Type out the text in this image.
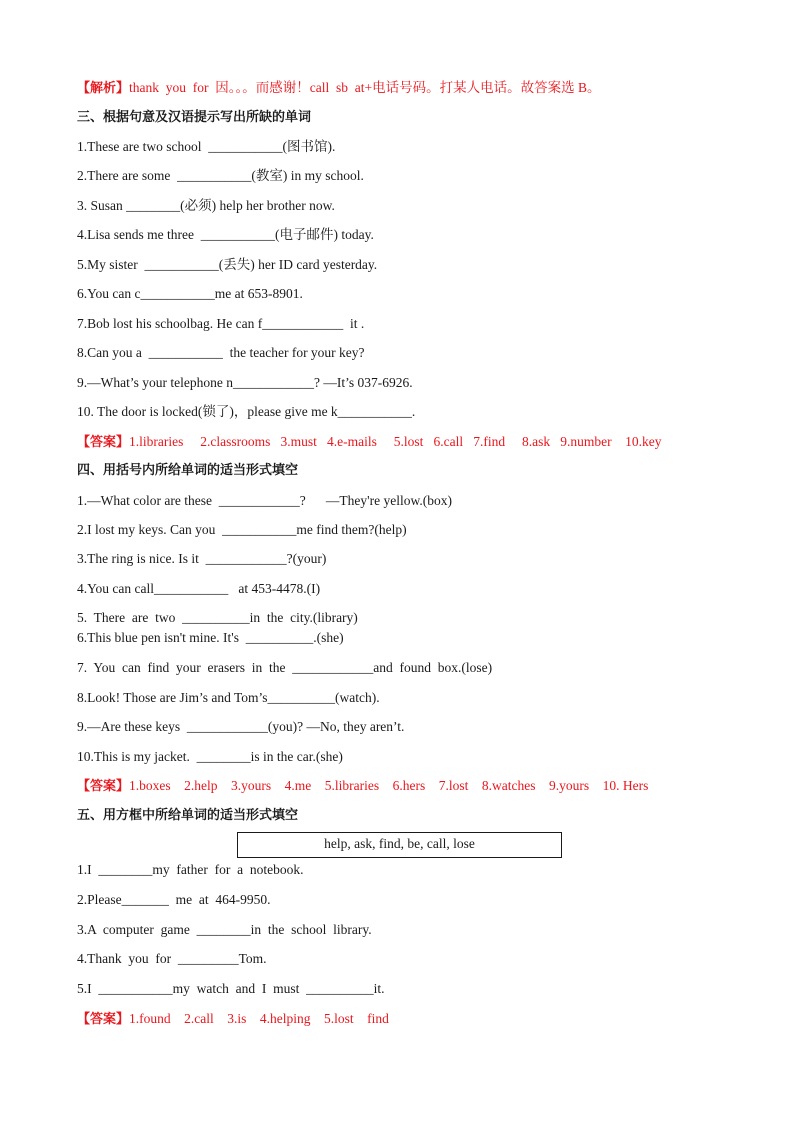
【解析】thank  you  for  因。。。而感谢！call  sb  at+电话号码。打某人电话。故答案选 B。
三、根据句意及汉语提示写出所缺的单词
1.These are two school  ___________(图书馆).
2.There are some  ___________(教室) in my school.
3. Susan ________(必须) help her brother now.
4.Lisa sends me three  ___________(电子邮件) today.
5.My sister  ___________(丢失) her ID card yesterday.
6.You can c___________me at 653-8901.
7.Bob lost his schoolbag. He can f____________  it .
8.Can you a  ___________  the teacher for your key?
9.—What’s your telephone n____________? —It’s 037-6926.
10. The door is locked(锁了)，please give me k___________.
【答案】1.libraries     2.classrooms   3.must   4.e-mails     5.lost   6.call   7.find     8.ask   9.number    10.key
四、用括号内所给单词的适当形式填空
1.—What color are these  ____________?      —They're yellow.(box)
2.I lost my keys. Can you  ___________me find them?(help)
3.The ring is nice. Is it  ____________?(your)
4.You can call___________   at 453-4478.(I)
5.  There  are  two  __________in  the  city.(library)
6.This blue pen isn't mine. It's  __________.(she)
7.  You  can  find  your  erasers  in  the  ____________and  found  box.(lose)
8.Look! Those are Jim’s and Tom’s__________(watch).
9.—Are these keys  ____________(you)? —No, they aren’t.
10.This is my jacket.  ________is in the car.(she)
【答案】1.boxes    2.help    3.yours    4.me    5.libraries    6.hers    7.lost    8.watches    9.yours    10. Hers
五、用方框中所给单词的适当形式填空
help, ask, find, be, call, lose
1.I  ________my  father  for  a  notebook.
2.Please_______  me  at  464-9950.
3.A  computer  game  ________in  the  school  library.
4.Thank  you  for  _________Tom.
5.I  ___________my  watch  and  I  must  __________it.
【答案】1.found    2.call    3.is    4.helping    5.lost    find
